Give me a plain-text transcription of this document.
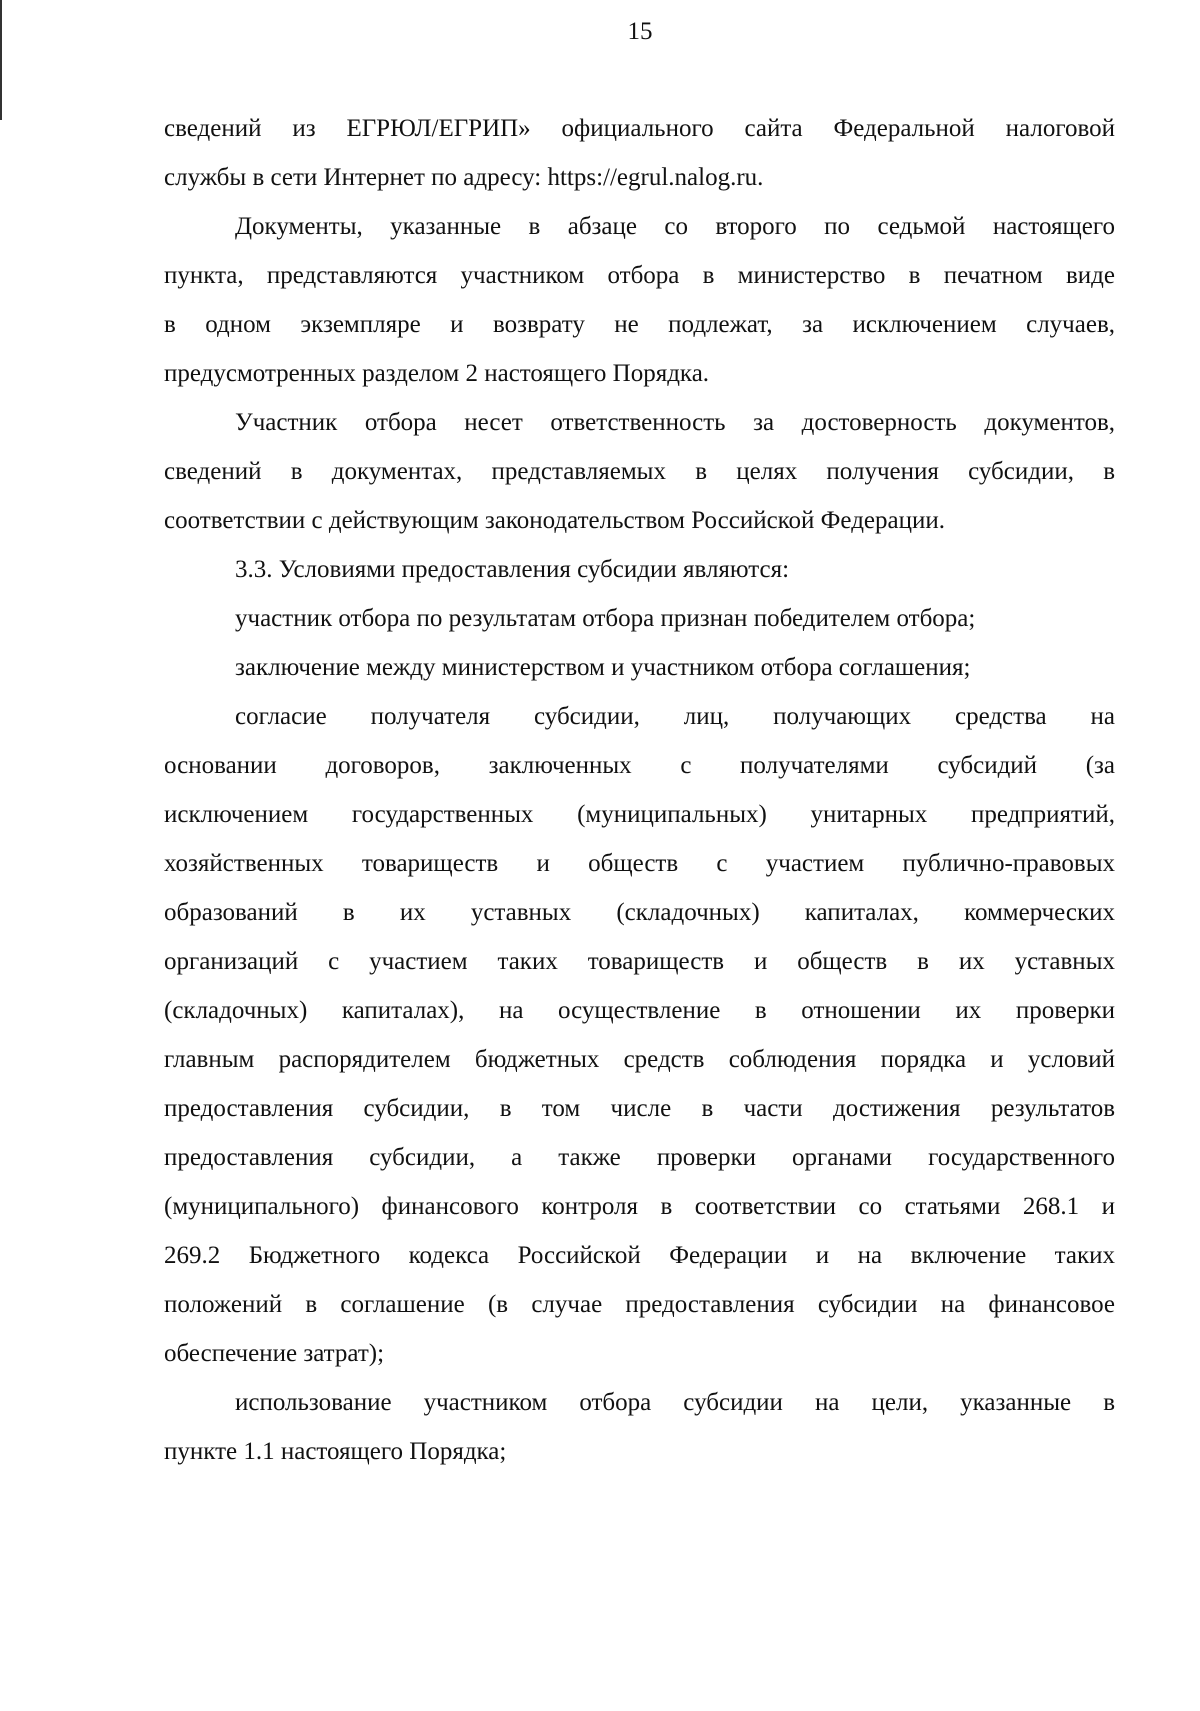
15
сведений из ЕГРЮЛ/ЕГРИП» официального сайта Федеральной налоговой
службы в сети Интернет по адресу: https://egrul.nalog.ru.
Документы, указанные в абзаце со второго по седьмой настоящего
пункта, представляются участником отбора в министерство в печатном виде
в одном экземпляре и возврату не подлежат, за исключением случаев,
предусмотренных разделом 2 настоящего Порядка.
Участник отбора несет ответственность за достоверность документов,
сведений в документах, представляемых в целях получения субсидии, в
соответствии с действующим законодательством Российской Федерации.
3.3. Условиями предоставления субсидии являются:
участник отбора по результатам отбора признан победителем отбора;
заключение между министерством и участником отбора соглашения;
согласие получателя субсидии, лиц, получающих средства на
основании договоров, заключенных с получателями субсидий (за
исключением государственных (муниципальных) унитарных предприятий,
хозяйственных товариществ и обществ с участием публично-правовых
образований в их уставных (складочных) капиталах, коммерческих
организаций с участием таких товариществ и обществ в их уставных
(складочных) капиталах), на осуществление в отношении их проверки
главным распорядителем бюджетных средств соблюдения порядка и условий
предоставления субсидии, в том числе в части достижения результатов
предоставления субсидии, а также проверки органами государственного
(муниципального) финансового контроля в соответствии со статьями 268.1 и
269.2 Бюджетного кодекса Российской Федерации и на включение таких
положений в соглашение (в случае предоставления субсидии на финансовое
обеспечение затрат);
использование участником отбора субсидии на цели, указанные в
пункте 1.1 настоящего Порядка;
